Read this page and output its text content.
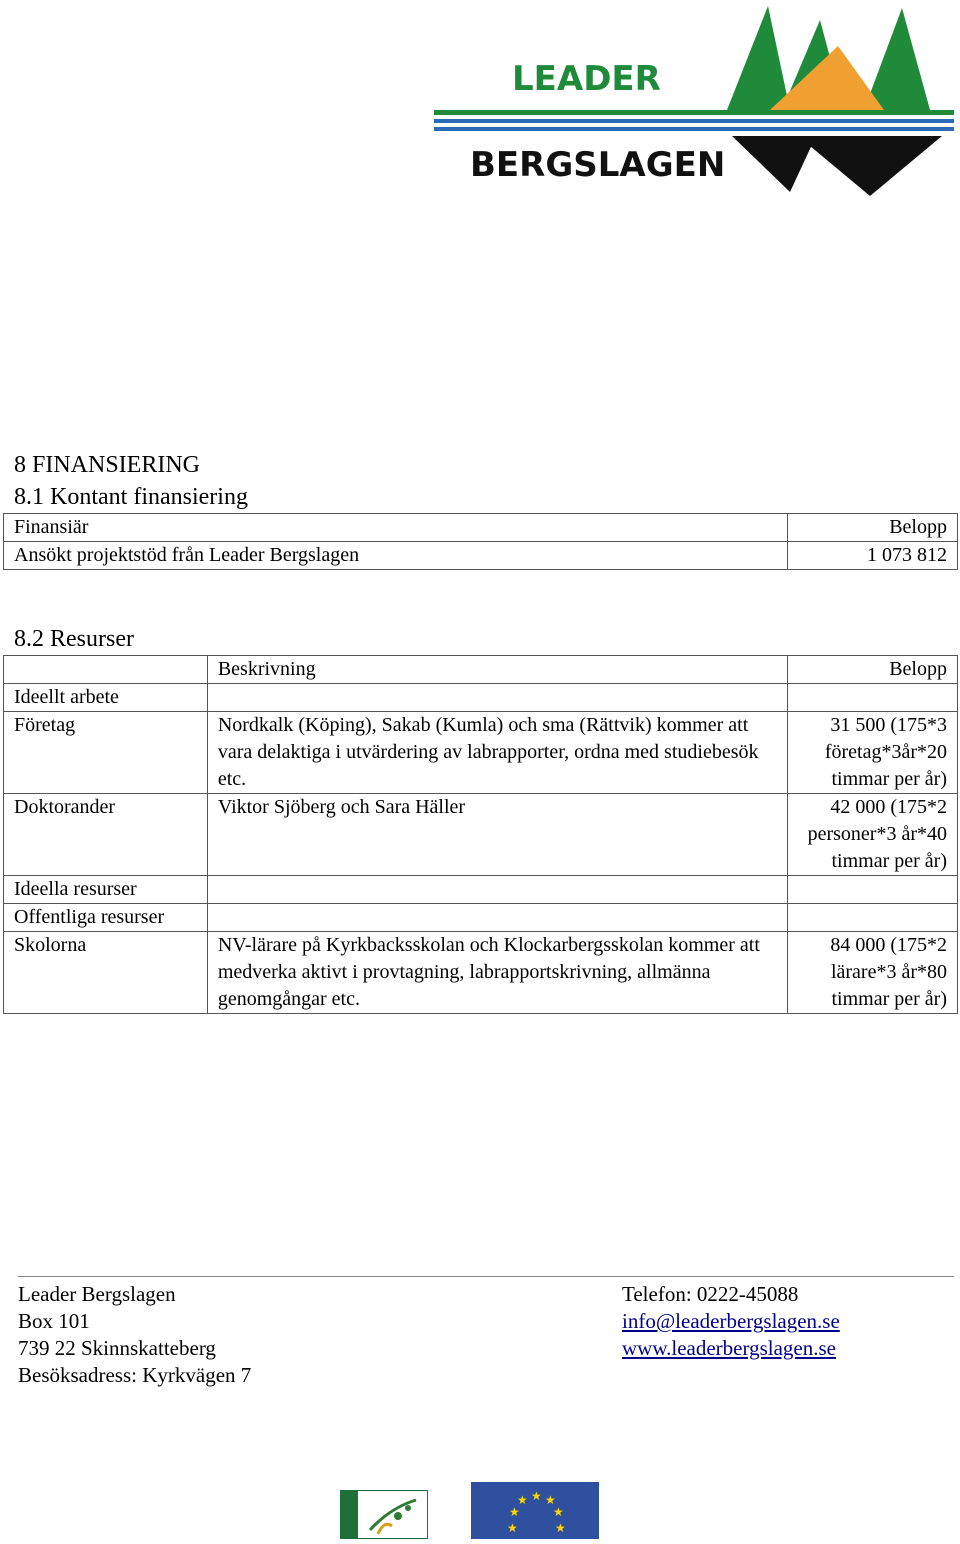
LEADER
BERGSLAGEN
8 FINANSIERING
8.1 Kontant finansiering
Finansiär	Belopp
Ansökt projektstöd från Leader Bergslagen	1 073 812
8.2 Resurser
	Beskrivning	Belopp
Ideellt arbete		
Företag	Nordkalk (Köping), Sakab (Kumla) och sma (Rättvik) kommer att vara delaktiga i utvärdering av labrapporter, ordna med studiebesök etc.	31 500 (175*3 företag*3år*20 timmar per år)
Doktorander	Viktor Sjöberg och Sara Häller	42 000 (175*2 personer*3 år*40 timmar per år)
Ideella resurser		
Offentliga resurser		
Skolorna	NV-lärare på Kyrkbacksskolan och Klockarbergsskolan kommer att medverka aktivt i provtagning, labrapportskrivning, allmänna genomgångar etc.	84 000 (175*2 lärare*3 år*80 timmar per år)
Leader Bergslagen
Box 101
739 22 Skinnskatteberg
Besöksadress: Kyrkvägen 7
Telefon: 0222-45088
info@leaderbergslagen.se
www.leaderbergslagen.se
★
★ ★
★	★
★	★
